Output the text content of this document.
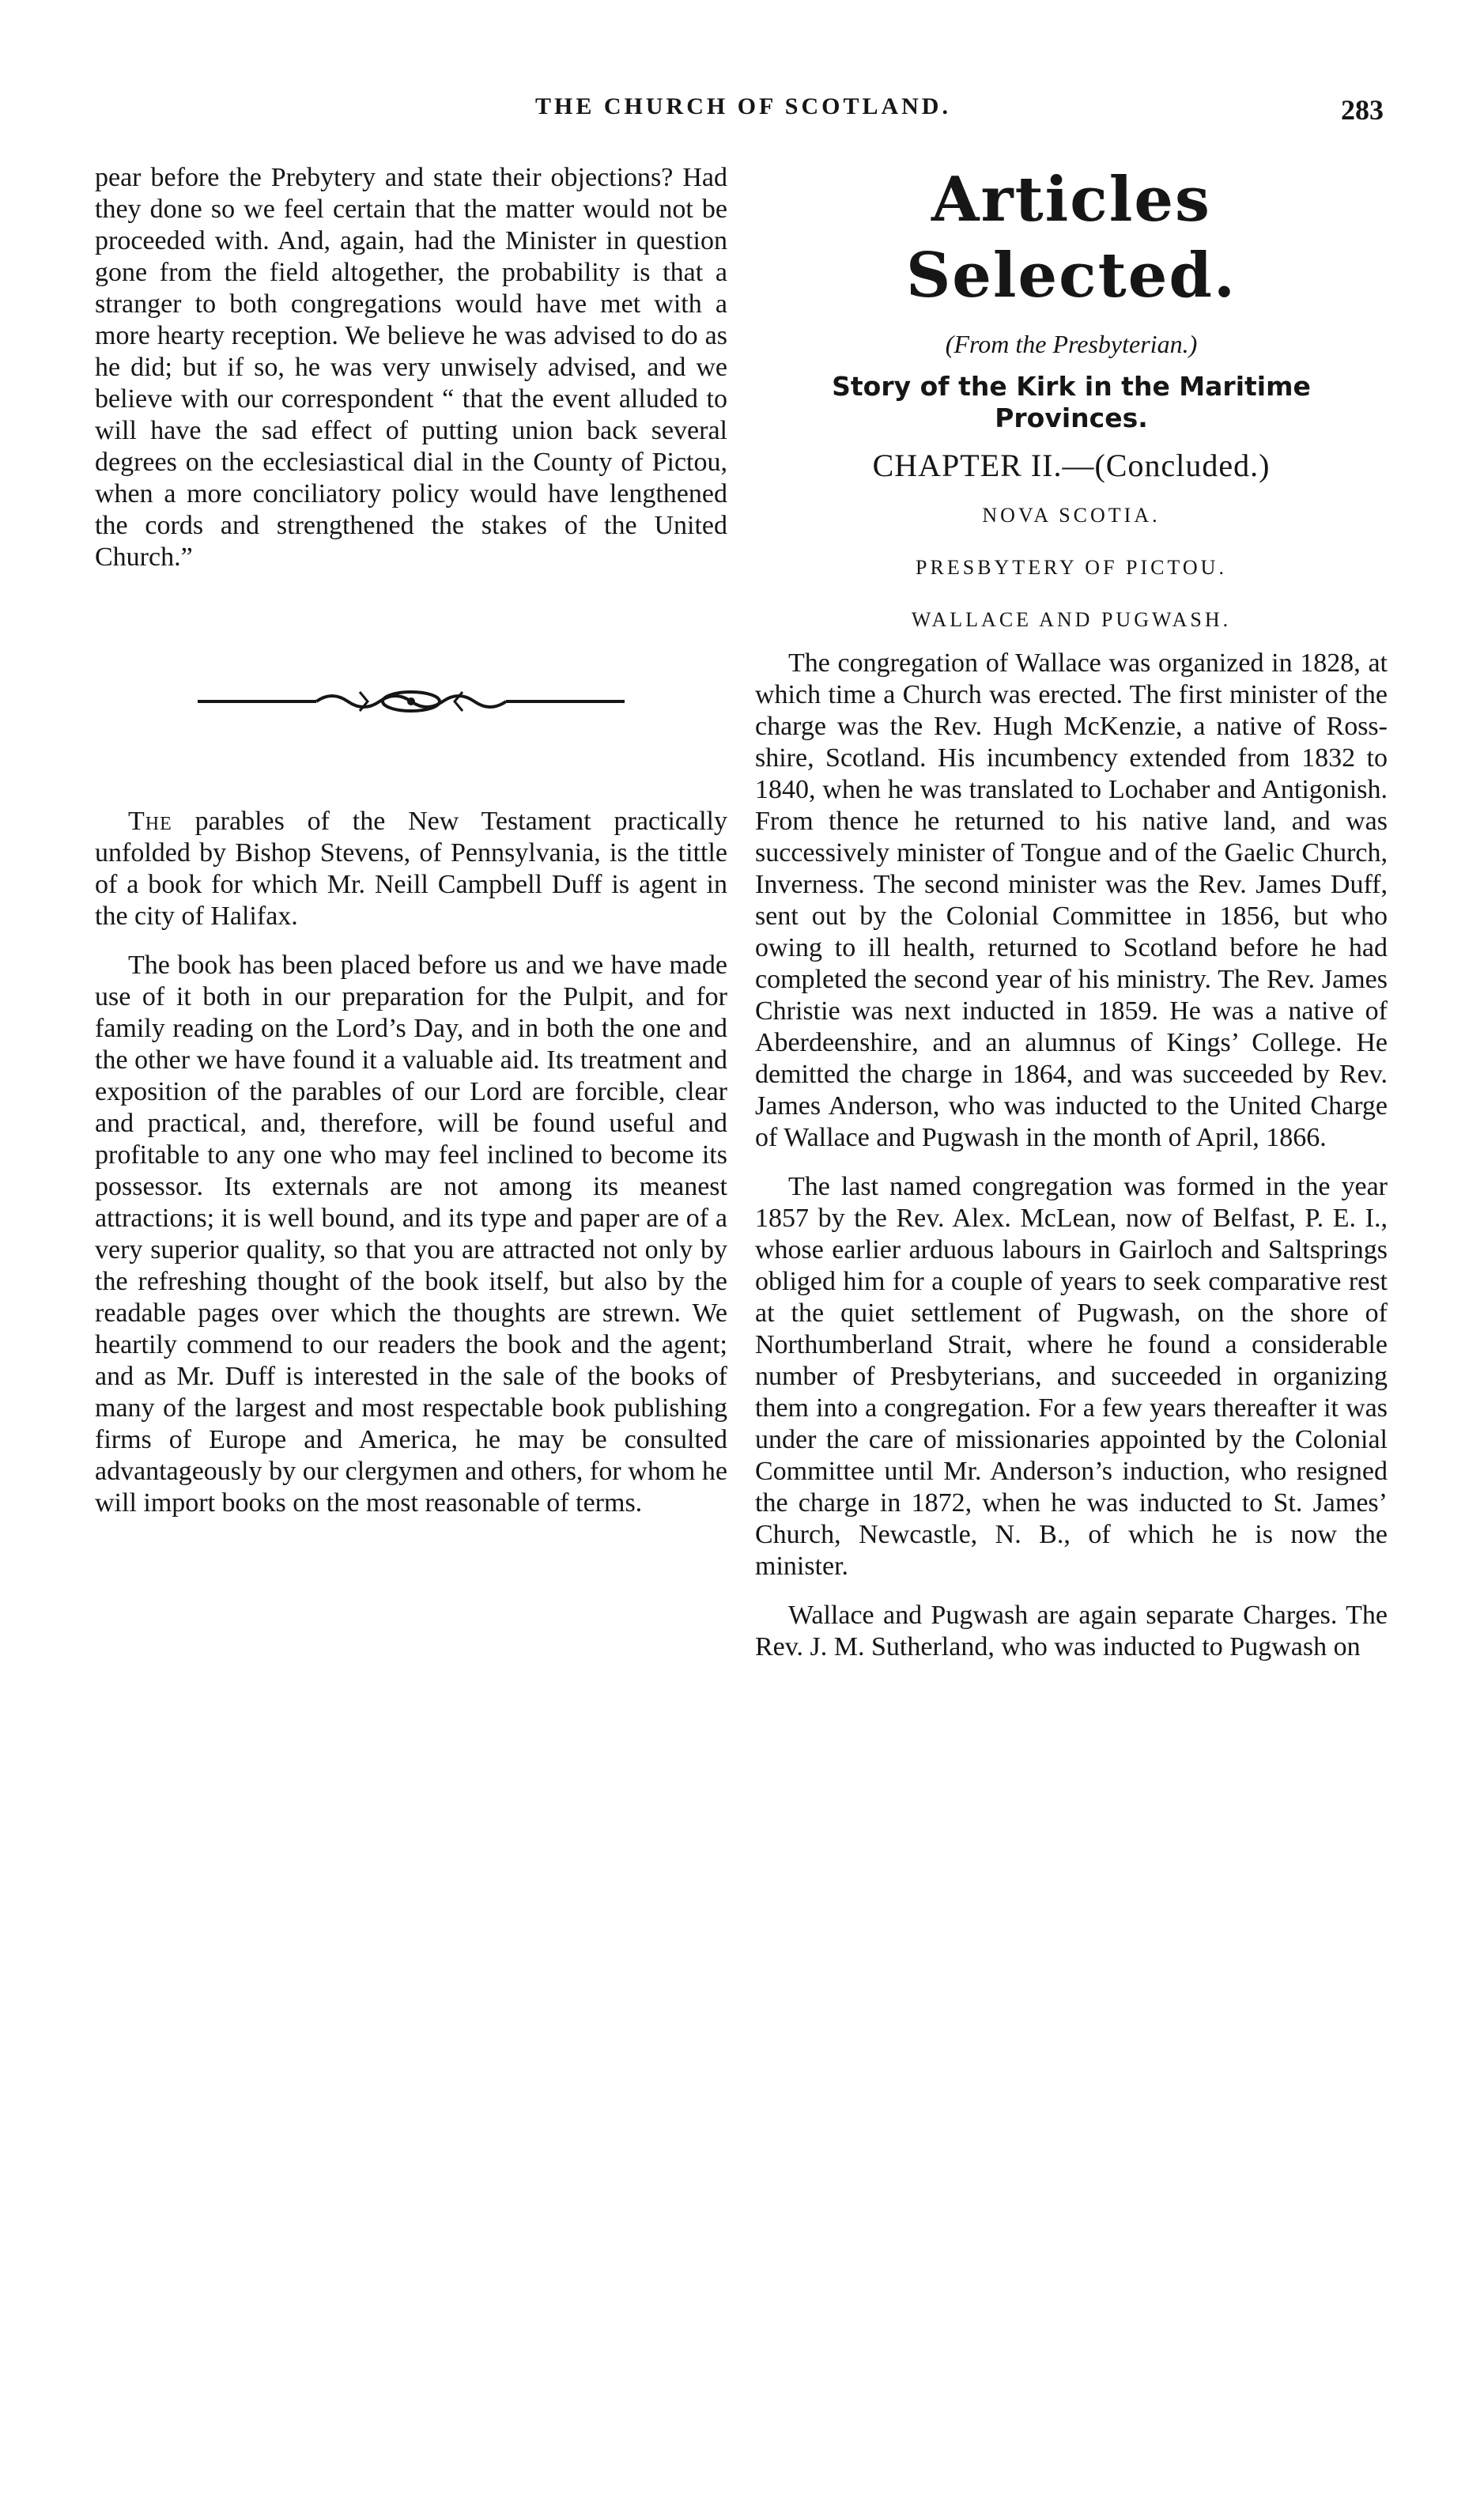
THE CHURCH OF SCOTLAND.	283

pear before the Prebytery and state their objections? Had they done so we feel certain that the matter would not be proceeded with. And, again, had the Minister in question gone from the field altogether, the probability is that a stranger to both congregations would have met with a more hearty reception. We believe he was advised to do as he did; but if so, he was very unwisely advised, and we believe with our correspondent “ that the event alluded to will have the sad effect of putting union back several degrees on the ecclesiastical dial in the County of Pictou, when a more conciliatory policy would have lengthened the cords and strengthened the stakes of the United Church.”

The parables of the New Testament practically unfolded by Bishop Stevens, of Pennsylvania, is the tittle of a book for which Mr. Neill Campbell Duff is agent in the city of Halifax.

The book has been placed before us and we have made use of it both in our preparation for the Pulpit, and for family reading on the Lord’s Day, and in both the one and the other we have found it a valuable aid. Its treatment and exposition of the parables of our Lord are forcible, clear and practical, and, therefore, will be found useful and profitable to any one who may feel inclined to become its possessor. Its externals are not among its meanest attractions; it is well bound, and its type and paper are of a very superior quality, so that you are attracted not only by the refreshing thought of the book itself, but also by the readable pages over which the thoughts are strewn. We heartily commend to our readers the book and the agent; and as Mr. Duff is interested in the sale of the books of many of the largest and most respectable book publishing firms of Europe and America, he may be consulted advantageously by our clergymen and others, for whom he will import books on the most reasonable of terms.

Articles Selected.
(From the Presbyterian.)
Story of the Kirk in the Maritime Provinces.
CHAPTER II.—(Concluded.)
NOVA SCOTIA.
PRESBYTERY OF PICTOU.
WALLACE AND PUGWASH.

The congregation of Wallace was organized in 1828, at which time a Church was erected. The first minister of the charge was the Rev. Hugh McKenzie, a native of Ross-shire, Scotland. His incumbency extended from 1832 to 1840, when he was translated to Lochaber and Antigonish. From thence he returned to his native land, and was successively minister of Tongue and of the Gaelic Church, Inverness. The second minister was the Rev. James Duff, sent out by the Colonial Committee in 1856, but who owing to ill health, returned to Scotland before he had completed the second year of his ministry. The Rev. James Christie was next inducted in 1859. He was a native of Aberdeenshire, and an alumnus of Kings’ College. He demitted the charge in 1864, and was succeeded by Rev. James Anderson, who was inducted to the United Charge of Wallace and Pugwash in the month of April, 1866.

The last named congregation was formed in the year 1857 by the Rev. Alex. McLean, now of Belfast, P. E. I., whose earlier arduous labours in Gairloch and Saltsprings obliged him for a couple of years to seek comparative rest at the quiet settlement of Pugwash, on the shore of Northumberland Strait, where he found a considerable number of Presbyterians, and succeeded in organizing them into a congregation. For a few years thereafter it was under the care of missionaries appointed by the Colonial Committee until Mr. Anderson’s induction, who resigned the charge in 1872, when he was inducted to St. James’ Church, Newcastle, N. B., of which he is now the minister.

Wallace and Pugwash are again separate Charges. The Rev. J. M. Sutherland, who was inducted to Pugwash on
